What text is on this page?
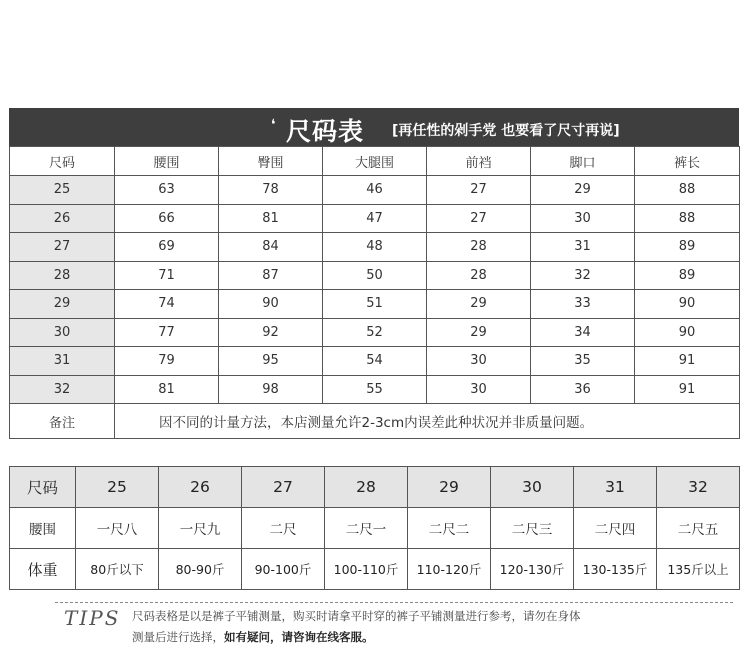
❛ 尺码表 [再任性的剁手党 也要看了尺寸再说]
尺码	腰围	臀围	大腿围	前裆	脚口	裤长
25	63	78	46	27	29	88
26	66	81	47	27	30	88
27	69	84	48	28	31	89
28	71	87	50	28	32	89
29	74	90	51	29	33	90
30	77	92	52	29	34	90
31	79	95	54	30	35	91
32	81	98	55	30	36	91
备注	因不同的计量方法，本店测量允许2-3cm内误差此种状况并非质量问题。					
尺码	25	26	27	28	29	30	31	32
腰围	一尺八	一尺九	二尺	二尺一	二尺二	二尺三	二尺四	二尺五
体重	80斤以下	80-90斤	90-100斤	100-110斤	110-120斤	120-130斤	130-135斤	135斤以上
TIPS	尺码表格是以是裤子平铺测量，购买时请拿平时穿的裤子平铺测量进行参考，请勿在身体
测量后进行选择，如有疑问，请咨询在线客服。
